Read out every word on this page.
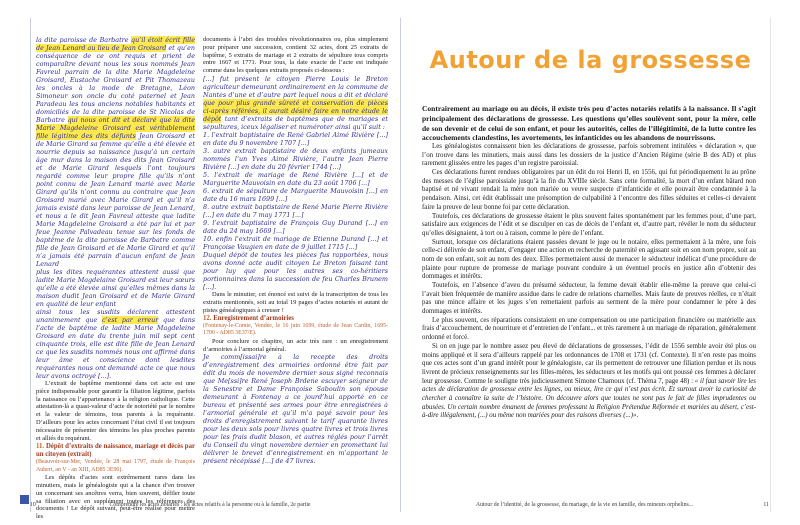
la dite paroisse de Barbatre qu’il étoit écrit fille de Jean Lenard au lieu de Jean Groisard et qu’en conséquence de ce ont requis et prient de comparaître devant nous les sous nommés Jean Favreul parrain de la dite Marie Magdeleine Groisard, Eustache Groisard et Pit Thomazeau les oncles à la mode de Bretagne, Léon Simoneur son oncle du coté paternel et Jean Paradeau les tous anciens notables habitants et domiciliés de la dite paroisse de St Nicolas de Barbatre qui nous ont dit et déclaré que la dite Marie Magdeleine Groisard est véritablement fille légitime des dits défunts Jean Groisard et de Marie Girard sa femme qu’elle a été élevée et nourrie depuis sa naissance jusqu’à un certain âge mur dans la maison des dits Jean Groisard et de Marie Girard lesquels l’ont toujours regardé comme leur propre fille qu’ils n’ont point connu de Jean Lenard marié avec Marie Girard qu’ils n’ont connu au contraire que Jean Groisard marié avec Marie Girard et qu’il n’a jamais existé dans leur paroisse de Jean Lenard, et nous a le dit Jean Favreul atteste que ladite Marie Magdeleine Groisard a été par lui et par feue Jeanne Palvadeau tenue sur les fonds de baptême de la dite paroisse de Barbatre comme fille de Jean Groisard et de Marie Girard et qu’il n’a jamais été parrain d’aucun enfant de Jean Lenard

plus les dites requérantes attestent aussi que ladite Marie Magdelaine Groisard est leur sœurs qu’elle a été élevée ainsi qu’elles mêmes dans la maison dudit Jean Groisard et de Marie Girard en qualité de leur enfant

ainsi tous les susdits déclarent attestent unanimement que c’est par erreur que dans l’acte de baptême de ladite Marie Magdeleine Groisard en date du trente juin mil sept cent cinquante trois, elle est dite fille de Jean Lenard ce que les susdits nommés nous ont affirmé dans leur âme et conscience dont lesdites requérantes nous ont demandé acte ce que nous leur avons octroyé [...].

L’extrait de baptême mentionné dans cet acte est une pièce indispensable pour garantir la filiation légitime, parfois la naissance ou l’appartenance à la religion catholique. Cette attestation-là a quasi-valeur d’acte de notoriété par le nombre et la valeur de témoins, tous parents à la requérante. D’ailleurs pour les actes concernant l’état civil il est toujours nécessaire de présenter des témoins les plus proches parents et alliés du requérant.

11. Dépôt d’extraits de naissance, mariage et décès par un citoyen (extrait)

(Beauvoir-sur-Mer, Vendée, le 28 mai 1797, étude de François Aubert, an V - an XIII, AD85 3E90).

Les dépôts d’actes sont extrêmement rares dans les minutiers, mais le généalogiste qui a la chance d’en trouver un concernant ses ancêtres verra, bien souvent, défiler toute sa filiation avec en supplément toutes les références des documents ! Le dépôt suivant, peut-être réalisé pour mettre les

documents à l’abri des troubles révolutionnaires ou, plus simplement pour préparer une succession, contient 32 actes, dont 25 extraits de baptême, 5 extraits de mariage et 2 extraits de sépulture tous compris entre 1667 et 1771. Pour tous, la date exacte de l’acte est indiquée comme dans les quelques extraits proposés ci-dessous :

[...] fut présent le citoyen Pierre Louis le Breton agriculteur demeurant ordinairement en la commune de Nantes d’une et d’autre part lequel nous a dit et déclaré que pour plus grande sûreté et conservation de pièces ci-après référées, il aurait désiré faire en notre étude le dépôt tant d’extraits de baptêmes que de mariages et sépultures, iceux légaliser et numéroter ainsi qu’il suit :

1. l’extrait baptistaire de René Gabriel Aimé Rivière [...] en date du 9 novembre 1707 [...]

3. autre extrait baptistaire de deux enfants jumeaux nommés l’un Yves Aimé Rivière, l’autre Jean Pierre Rivière [...] en date du 20 février 1744 [...]

5. l’extrait de mariage de René Rivière [...] et de Marguerite Mauvoisin en date du 23 août 1706 [...]

6. extrait de sépulture de Marguerite Mauvoisin [...] en date du 16 mars 1699 [...]

8. autre extrait baptistaire de René Marie Pierre Rivière [...] en date du 7 may 1771 [...]

9. l’extrait baptistaire de François Guy Durand [...] en date du 24 may 1669 [...]

10. enfin l’extrait de mariage de Etienne Durand [...] et Françoise Vaugien en date de 9 juillet 1715 [...]

Duquel dépôt de toutes les pièces fus rapportées, nous avons donné acte audit citoyen Le Breton faisant tant pour luy que pour les autres ses co-héritiers portionnaires dans la succession de feu Charles Brunem [...].

Dans le minutier, cet énoncé est suivi de la transcription de tous les extraits mentionnés, soit au total 19 pages d’actes notariés et autant de pistes généalogiques à creuser !

12. Enregistrement d’armoiries

(Fontenay-le-Comte, Vendée, le 16 juin 1699, étude de Jean Cardin, 1695-1700 - AD85 3E37/E).

Pour conclure ce chapitre, un acte très rare : un enregistrement d’armoiries à l’armorial général.

Je comm[issai]re à la recepte des droits d’enregistrement des armoiries ordonné être fait par édit du mois de novembre dernier sous signé reconnais que Me[ssi]re René Joseph Brdene escuyer seigneur de la Senestre et Dame Françoise Saboulin son épouse demeurant à Fontenay a ce jourd’hui apporté en ce bureau et présenté ses armes pour être enregistrées à l’armorial générale et qu’il m’a payé savoir pour les droits d’enregistrement suivant le tarif quarante livres pour les deux sols pour livres quatre livres et trois livres pour les frais dudit blason, et autres réglés pour l’arrêt du Conseil du vingt novembre dernier en promettant lui délivrer le brevet d’enregistrement en m’apportant le présent récépissé [...] de 47 livres.

10	Comprendre les actes notariés : les actes relatifs à la personne ou à la famille, 2e partie
Autour de la grossesse

Contrairement au mariage ou au décès, il existe très peu d’actes notariés relatifs à la naissance. Il s’agit principalement des déclarations de grossesse. Les questions qu’elles soulèvent sont, pour la mère, celle de son devenir et de celui de son enfant, et pour les autorités, celles de l’illégitimité, de la lutte contre les accouchements clandestins, les avortements, les infanticides ou les abandons de nourrissons.

Les généalogistes connaissent bien les déclarations de grossesse, parfois sobrement intitulées « déclaration », que l’on trouve dans les minutiers, mais aussi dans les dossiers de la justice d’Ancien Régime (série B des AD) et plus rarement glissées entre les pages d’un registre paroissial.

Ces déclarations furent rendues obligatoires par un édit du roi Henri II, en 1556, qui fut périodiquement lu au prône des messes de l’église paroissiale jusqu’à la fin du XVIIIe siècle. Sans cette formalité, la mort d’un enfant bâtard non baptisé et né vivant rendait la mère non mariée ou veuve suspecte d’infanticide et elle pouvait être condamnée à la pendaison. Ainsi, cet édit établissait une présomption de culpabilité à l’encontre des filles séduites et celles-ci devaient faire la preuve de leur bonne foi par cette déclaration.

Toutefois, ces déclarations de grossesse étaient le plus souvent faites spontanément par les femmes pour, d’une part, satisfaire aux exigences de l’édit et se disculper en cas de décès de l’enfant et, d’autre part, révéler le nom du séducteur qu’elles désignaient, à tort ou à raison, comme le père de l’enfant.

Surtout, lorsque ces déclarations étaient passées devant le juge ou le notaire, elles permettaient à la mère, une fois celle-ci délivrée de son enfant, d’engager une action en recherche de paternité en agissant soit en son nom propre, soit au nom de son enfant, soit au nom des deux. Elles permettaient aussi de menacer le séducteur indélicat d’une procédure de plainte pour rupture de promesse de mariage pouvant conduire à un éventuel procès en justice afin d’obtenir des dommages et intérêts.

Toutefois, en l’absence d’aveu du présumé séducteur, la femme devait établir elle-même la preuve que celui-ci l’avait bien fréquentée de manière assidue dans le cadre de relations charnelles. Mais faute de preuves réelles, ce n’était pas une mince affaire et les juges s’en remettaient parfois au serment de la mère pour condamner le père à des dommages et intérêts.

Le plus souvent, ces réparations consistaient en une compensation ou une participation financière ou matérielle aux frais d’accouchement, de nourriture et d’entretien de l’enfant... et très rarement à un mariage de réparation, généralement ordonné et forcé.

Si on en juge par le nombre assez peu élevé de déclarations de grossesses, l’édit de 1556 semble avoir été plus ou moins appliqué et il sera d’ailleurs rappelé par les ordonnances de 1708 et 1731 (cf. Contexte). Il n’en reste pas moins que ces actes sont d’un grand intérêt pour le généalogiste, car ils permettent de retrouver une filiation perdue et ils nous livrent de précieux renseignements sur les filles-mères, les séducteurs et les motifs qui ont poussé ces femmes à déclarer leur grossesse. Comme le souligne très judicieusement Simone Chamoux (cf. Théma 7, page 48) : « il faut savoir lire les actes de déclaration de grossesse entre les lignes, ou mieux, lire ce qui n’est pas écrit. Et surtout avoir la curiosité de chercher à connaître la suite de l’histoire. On découvre alors que toutes ne sont pas le fait de filles imprudentes ou abusées. Un certain nombre émanent de femmes professant la Religion Prétendue Réformée et mariées au désert, c’est-à-dire illégalement, (...) ou même non mariées pour des raisons diverses (...)».

Autour de l’identité, de la grossesse, du mariage, de la vie en famille, des mineurs orphelins...	11
